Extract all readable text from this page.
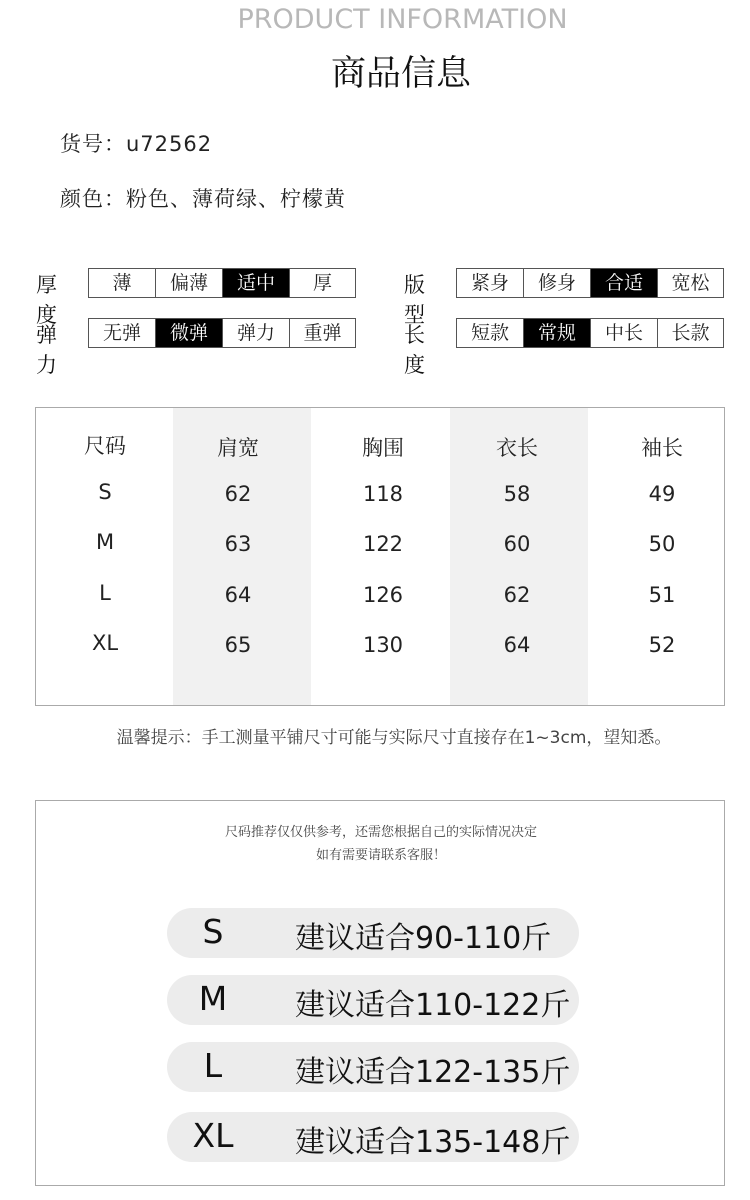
PRODUCT INFORMATION
商品信息
货号：u72562
颜色：粉色、薄荷绿、柠檬黄
厚度
薄	偏薄	适中	厚	版型
紧身	修身	合适	宽松
弹力
无弹	微弹	弹力	重弹	长度
短款	常规	中长	长款
尺码	肩宽	胸围	衣长	袖长
S	62	118	58	49
M	63	122	60	50
L	64	126	62	51
XL	65	130	64	52
温馨提示：手工测量平铺尺寸可能与实际尺寸直接存在1~3cm，望知悉。
尺码推荐仅仅供参考，还需您根据自己的实际情况决定
如有需要请联系客服！
S	建议适合90-110斤
M	建议适合110-122斤
L	建议适合122-135斤
XL	建议适合135-148斤
